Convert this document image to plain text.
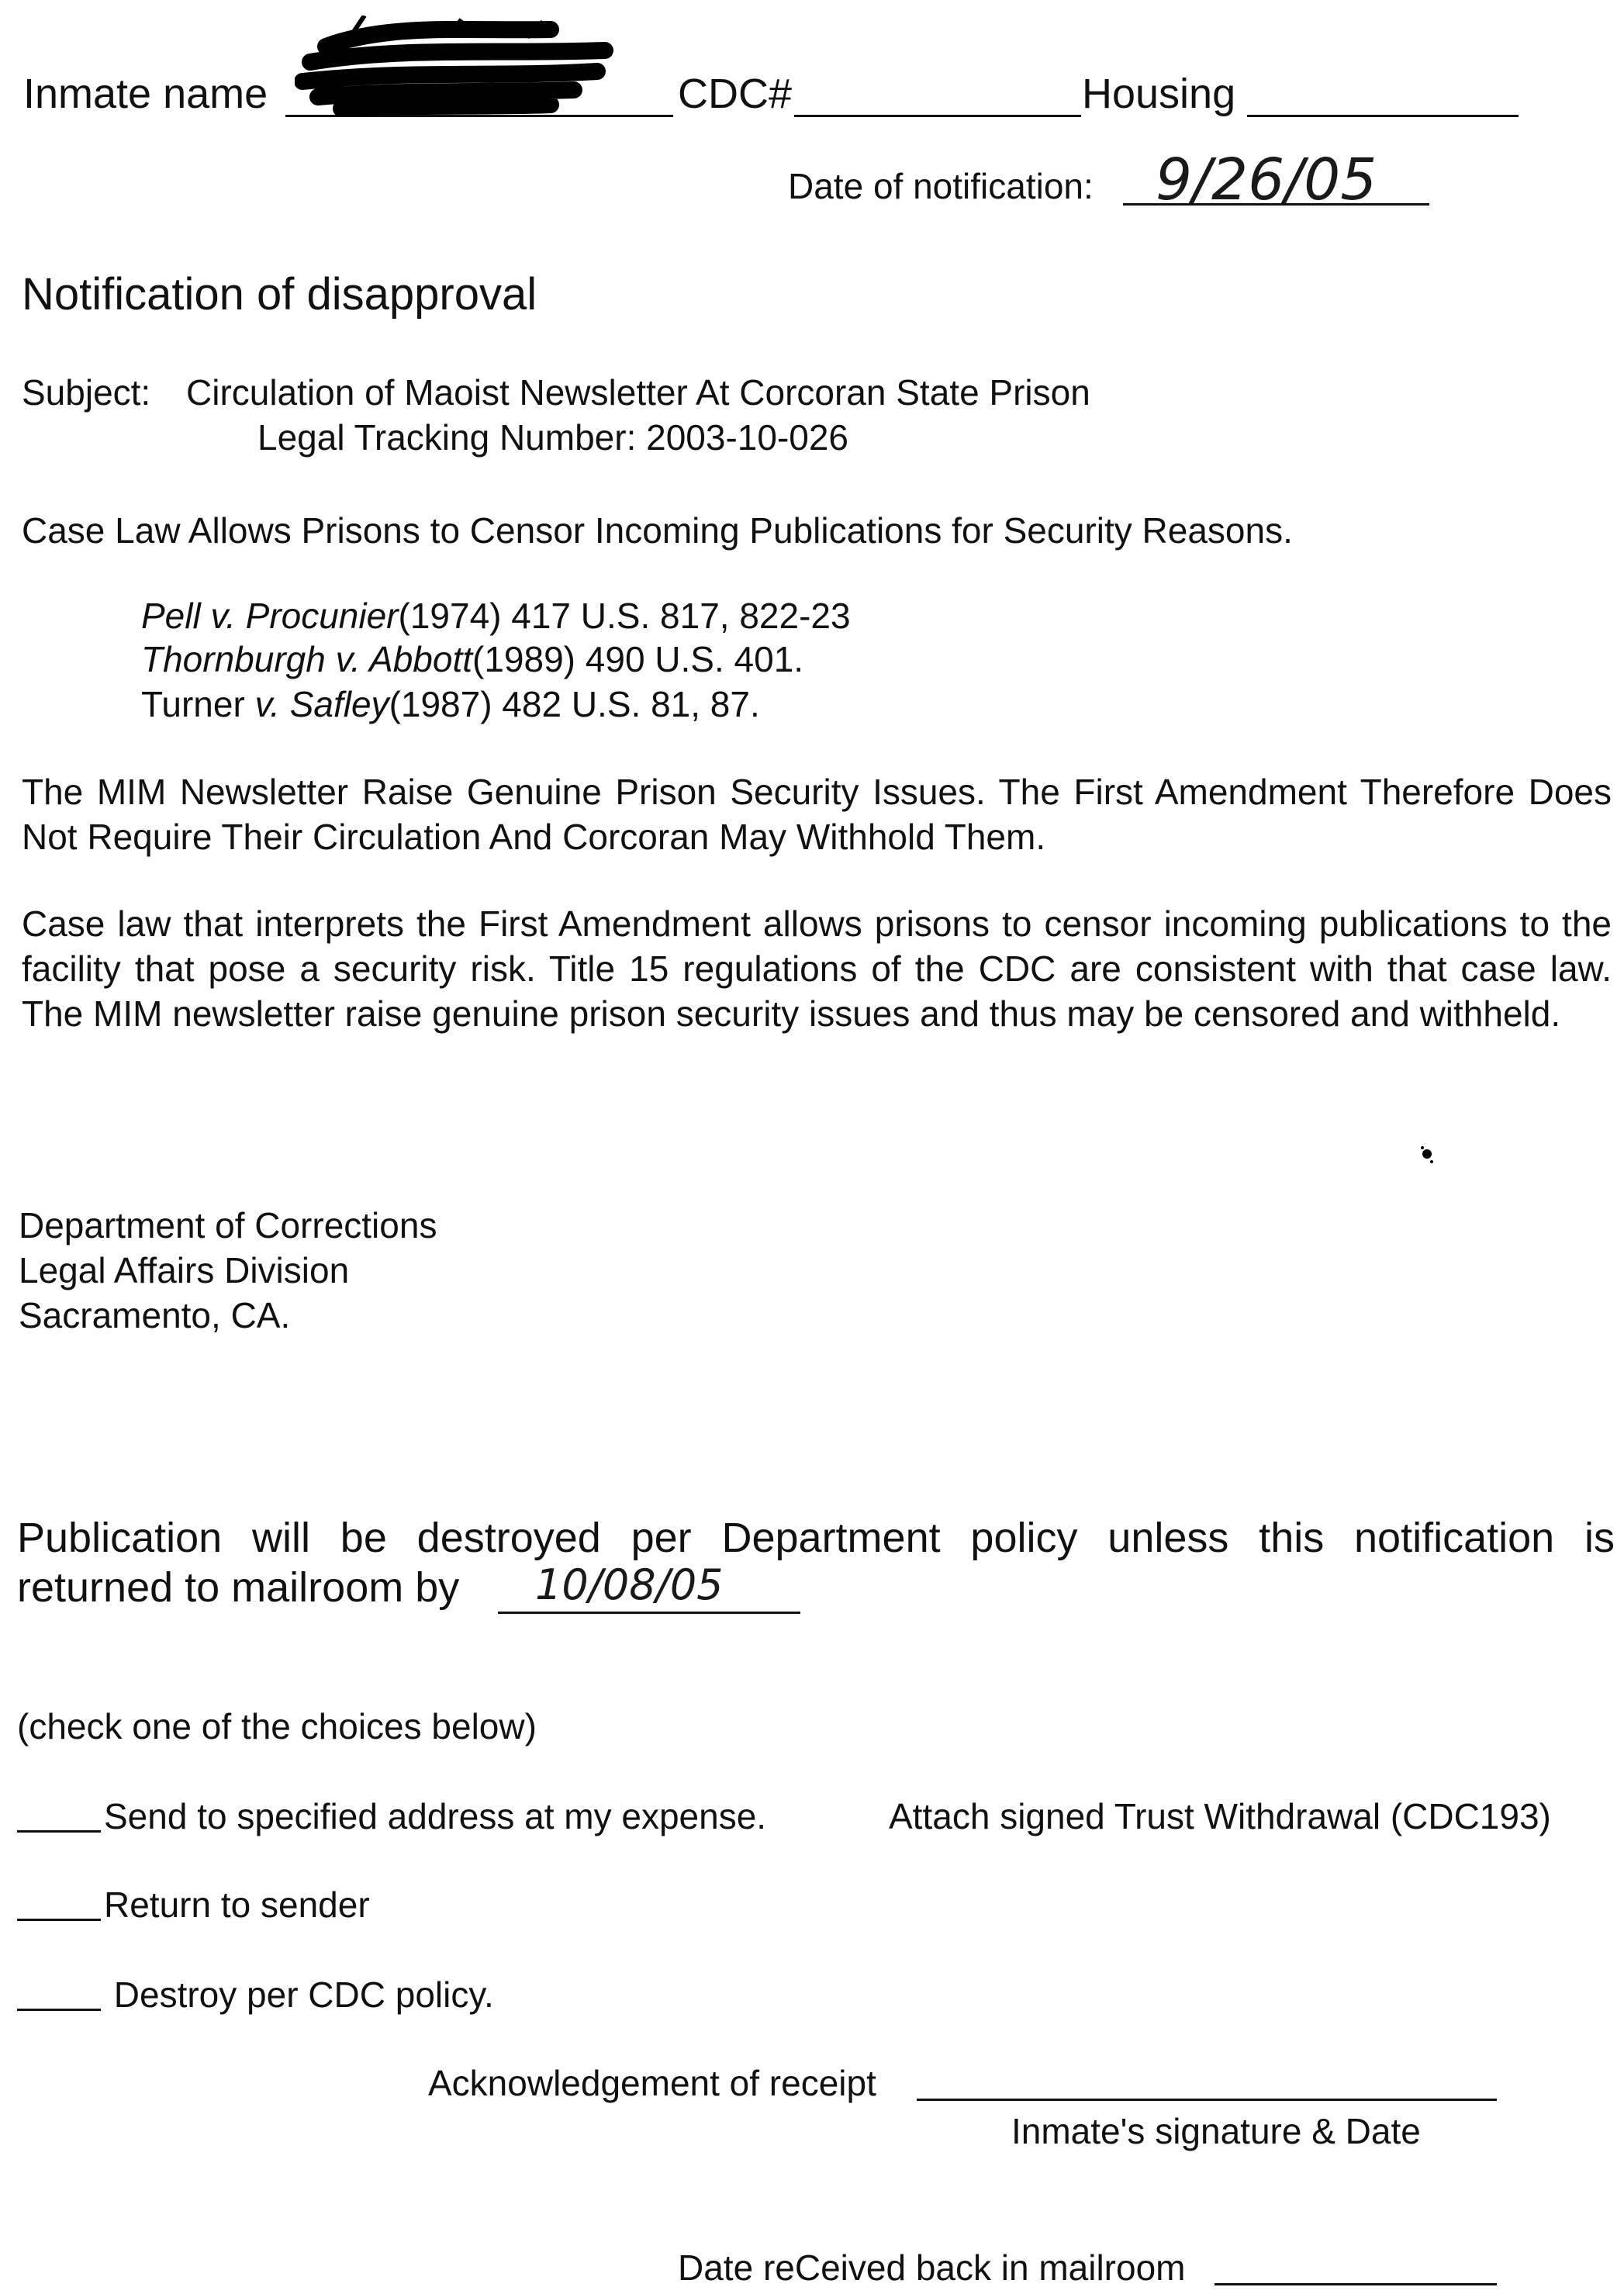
Inmate name	CDC#	Housing
Date of notification: 9/26/05
Notification of disapproval
Subject: Circulation of Maoist Newsletter At Corcoran State Prison
Legal Tracking Number: 2003-10-026
Case Law Allows Prisons to Censor Incoming Publications for Security Reasons.
Pell v. Procunier(1974) 417 U.S. 817, 822-23
Thornburgh v. Abbott(1989) 490 U.S. 401.
Turner v. Safley(1987) 482 U.S. 81, 87.
The MIM Newsletter Raise Genuine Prison Security Issues. The First Amendment Therefore Does Not Require Their Circulation And Corcoran May Withhold Them.
Case law that interprets the First Amendment allows prisons to censor incoming publications to the facility that pose a security risk. Title 15 regulations of the CDC are consistent with that case law. The MIM newsletter raise genuine prison security issues and thus may be censored and withheld.
Department of Corrections
Legal Affairs Division
Sacramento, CA.
Publication will be destroyed per Department policy unless this notification is
returned to mailroom by 10/08/05
(check one of the choices below)
Send to specified address at my expense.	Attach signed Trust Withdrawal (CDC193)
Return to sender
Destroy per CDC policy.
Acknowledgement of receipt
Inmate's signature & Date
Date reCeived back in mailroom
